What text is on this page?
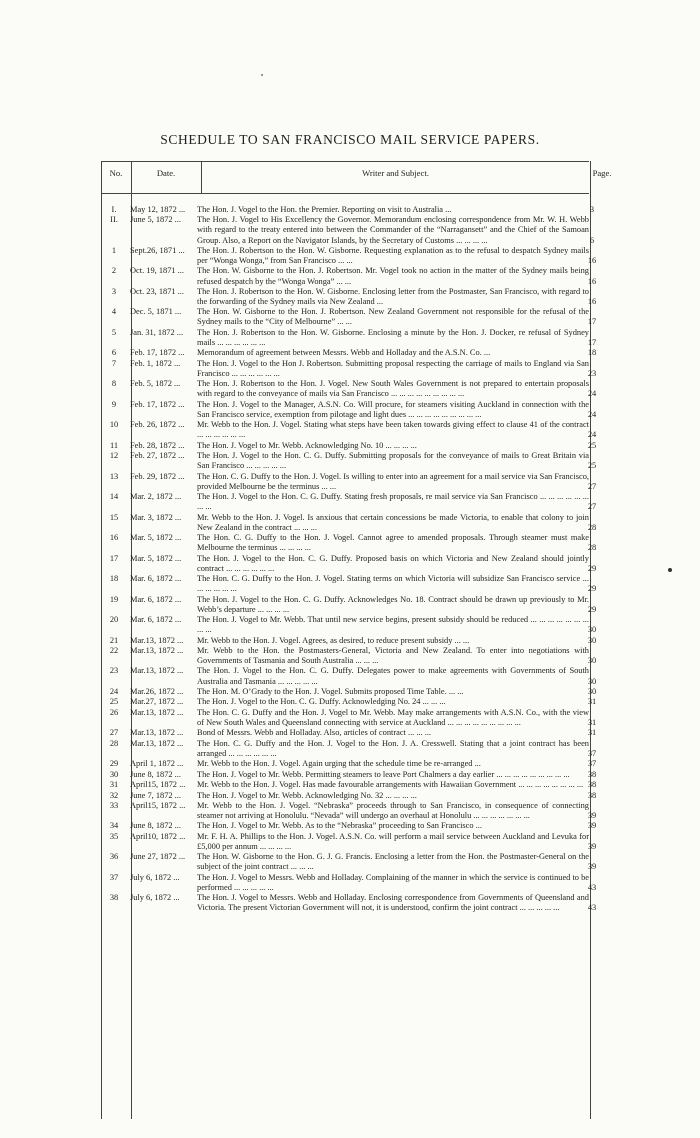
SCHEDULE TO SAN FRANCISCO MAIL SERVICE PAPERS.
No.	Date.	Writer and Subject.	Page.
I.	May 12, 1872 ...	The Hon. J. Vogel to the Hon. the Premier. Reporting on visit to Australia ...	3
II.	June 5, 1872 ...	The Hon. J. Vogel to His Excellency the Governor. Memorandum enclosing correspondence from Mr. W. H. Webb with regard to the treaty entered into between the Commander of the “Narragansett” and the Chief of the Samoan Group. Also, a Report on the Navigator Islands, by the Secretary of Customs ... ... ... ...	6
1	Sept.26, 1871 ...	The Hon. J. Robertson to the Hon. W. Gisborne. Requesting explanation as to the refusal to despatch Sydney mails per “Wonga Wonga,” from San Francisco ... ...	16
2	Oct. 19, 1871 ...	The Hon. W. Gisborne to the Hon. J. Robertson. Mr. Vogel took no action in the matter of the Sydney mails being refused despatch by the “Wonga Wonga” ... ...	16
3	Oct. 23, 1871 ...	The Hon. J. Robertson to the Hon. W. Gisborne. Enclosing letter from the Postmaster, San Francisco, with regard to the forwarding of the Sydney mails via New Zealand ...	16
4	Dec. 5, 1871 ...	The Hon. W. Gisborne to the Hon. J. Robertson. New Zealand Government not responsible for the refusal of the Sydney mails to the “City of Melbourne” ... ...	17
5	Jan. 31, 1872 ...	The Hon. J. Robertson to the Hon. W. Gisborne. Enclosing a minute by the Hon. J. Docker, re refusal of Sydney mails ... ... ... ... ... ...	17
6	Feb. 17, 1872 ...	Memorandum of agreement between Messrs. Webb and Holladay and the A.S.N. Co. ...	18
7	Feb. 1, 1872 ...	The Hon. J. Vogel to the Hon J. Robertson. Submitting proposal respecting the carriage of mails to England via San Francisco ... ... ... ... ... ...	23
8	Feb. 5, 1872 ...	The Hon. J. Robertson to the Hon. J. Vogel. New South Wales Government is not prepared to entertain proposals with regard to the conveyance of mails via San Francisco ... ... ... ... ... ... ... ... ...	24
9	Feb. 17, 1872 ...	The Hon. J. Vogel to the Manager, A.S.N. Co. Will procure, for steamers visiting Auckland in connection with the San Francisco service, exemption from pilotage and light dues ... ... ... ... ... ... ... ... ...	24
10	Feb. 26, 1872 ...	Mr. Webb to the Hon. J. Vogel. Stating what steps have been taken towards giving effect to clause 41 of the contract ... ... ... ... ... ...	24
11	Feb. 28, 1872 ...	The Hon. J. Vogel to Mr. Webb. Acknowledging No. 10 ... ... ... ...	25
12	Feb. 27, 1872 ...	The Hon. J. Vogel to the Hon. C. G. Duffy. Submitting proposals for the conveyance of mails to Great Britain via San Francisco ... ... ... ... ...	25
13	Feb. 29, 1872 ...	The Hon. C. G. Duffy to the Hon. J. Vogel. Is willing to enter into an agreement for a mail service via San Francisco, provided Melbourne be the terminus ... ...	27
14	Mar. 2, 1872 ...	The Hon. J. Vogel to the Hon. C. G. Duffy. Stating fresh proposals, re mail service via San Francisco ... ... ... ... ... ... ... ...	27
15	Mar. 3, 1872 ...	Mr. Webb to the Hon. J. Vogel. Is anxious that certain concessions be made Victoria, to enable that colony to join New Zealand in the contract ... ... ...	28
16	Mar. 5, 1872 ...	The Hon. C. G. Duffy to the Hon. J. Vogel. Cannot agree to amended proposals. Through steamer must make Melbourne the terminus ... ... ... ...	28
17	Mar. 5, 1872 ...	The Hon. J. Vogel to the Hon. C. G. Duffy. Proposed basis on which Victoria and New Zealand should jointly contract ... ... ... ... ... ...	29
18	Mar. 6, 1872 ...	The Hon. C. G. Duffy to the Hon. J. Vogel. Stating terms on which Victoria will subsidize San Francisco service ... ... ... ... ... ...	29
19	Mar. 6, 1872 ...	The Hon. J. Vogel to the Hon. C. G. Duffy. Acknowledges No. 18. Contract should be drawn up previously to Mr. Webb’s departure ... ... ... ...	29
20	Mar. 6, 1872 ...	The Hon. J. Vogel to Mr. Webb. That until new service begins, present subsidy should be reduced ... ... ... ... ... ... ... ... ...	30
21	Mar.13, 1872 ...	Mr. Webb to the Hon. J. Vogel. Agrees, as desired, to reduce present subsidy ... ...	30
22	Mar.13, 1872 ...	Mr. Webb to the Hon. the Postmasters-General, Victoria and New Zealand. To enter into negotiations with Governments of Tasmania and South Australia ... ... ...	30
23	Mar.13, 1872 ...	The Hon. J. Vogel to the Hon. C. G. Duffy. Delegates power to make agreements with Governments of South Australia and Tasmania ... ... ... ... ...	30
24	Mar.26, 1872 ...	The Hon. M. O’Grady to the Hon. J. Vogel. Submits proposed Time Table. ... ...	30
25	Mar.27, 1872 ...	The Hon. J. Vogel to the Hon. C. G. Duffy. Acknowledging No. 24 ... ... ...	31
26	Mar.13, 1872 ...	The Hon. C. G. Duffy and the Hon. J. Vogel to Mr. Webb. May make arrangements with A.S.N. Co., with the view of New South Wales and Queensland connecting with service at Auckland ... ... ... ... ... ... ... ... ...	31
27	Mar.13, 1872 ...	Bond of Messrs. Webb and Holladay. Also, articles of contract ... ... ...	31
28	Mar.13, 1872 ...	The Hon. C. G. Duffy and the Hon. J. Vogel to the Hon. J. A. Cresswell. Stating that a joint contract has been arranged ... ... ... ... ... ...	37
29	April 1, 1872 ...	Mr. Webb to the Hon. J. Vogel. Again urging that the schedule time be re-arranged ...	37
30	June 8, 1872 ...	The Hon. J. Vogel to Mr. Webb. Permitting steamers to leave Port Chalmers a day earlier ... ... ... ... ... ... ... ... ...	38
31	April15, 1872 ...	Mr. Webb to the Hon. J. Vogel. Has made favourable arrangements with Hawaiian Government ... ... ... ... ... ... ... ... 38
32	June 7, 1872 ...	The Hon. J. Vogel to Mr. Webb. Acknowledging No. 32 ... ... ... ...	38
33	April15, 1872 ...	Mr. Webb to the Hon. J. Vogel. “Nebraska” proceeds through to San Francisco, in consequence of connecting steamer not arriving at Honolulu. “Nevada” will undergo an overhaul at Honolulu ... ... ... ... ... ... ...	39
34	June 8, 1872 ...	The Hon. J. Vogel to Mr. Webb. As to the “Nebraska” proceeding to San Francisco ...	39
35	April10, 1872 ...	Mr. F. H. A. Phillips to the Hon. J. Vogel. A.S.N. Co. will perform a mail service between Auckland and Levuka for £5,000 per annum ... ... ... ...	39
36	June 27, 1872 ...	The Hon. W. Gisborne to the Hon. G. J. G. Francis. Enclosing a letter from the Hon. the Postmaster-General on the subject of the joint contract ... ... ...	39
37	July 6, 1872 ...	The Hon. J. Vogel to Messrs. Webb and Holladay. Complaining of the manner in which the service is continued to be performed ... ... ... ... ...	43
38	July 6, 1872 ...	The Hon. J. Vogel to Messrs. Webb and Holladay. Enclosing correspondence from Governments of Queensland and Victoria. The present Victorian Government will not, it is understood, confirm the joint contract ... ... ... ... ...	43
